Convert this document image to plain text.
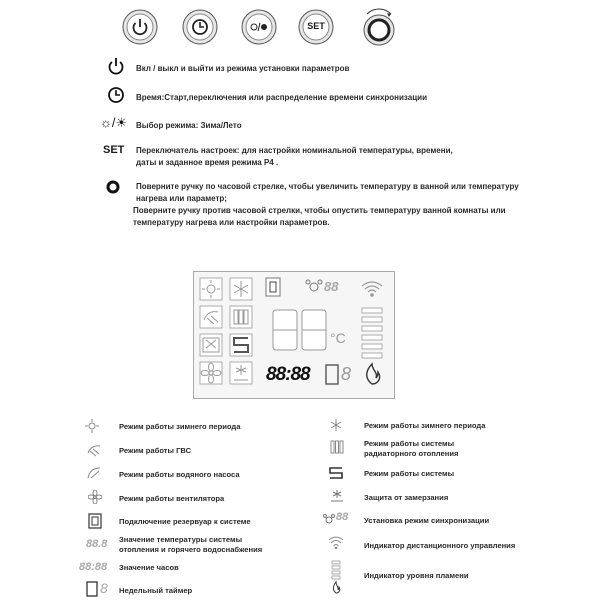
SET
Вкл / выкл и выйти из режима установки параметров
Время:Старт,переключения или распределение времени синхронизации
☼/☀ Выбор режима: Зима/Лето
SET Переключатель настроек: для настройки номинальной температуры, времени,
даты и заданное время режима P4 .
Поверните ручку по часовой стрелке, чтобы увеличить температуру в ванной или температуру
нагрева или параметр;
Поверните ручку против часовой стрелки, чтобы опустить температуру ванной комнаты или
температуру нагрева или настройки параметров.
88
°C
88:88 8
Режим работы зимнего периода
Режим работы ГВС
Режим работы водяного насоса
Режим работы вентилятора
Подключение резервуар к системе
88.8 Значение температуры системы
отопления и горячего водоснабжения
88:88 Значение часов
8 Недельный таймер
Режим работы зимнего периода
Режим работы системы
радиаторного отопления
Режим работы системы
Защита от замерзания
88 Установка режим синхронизации
Индикатор дистанционного управления
Индикатор уровня пламени
